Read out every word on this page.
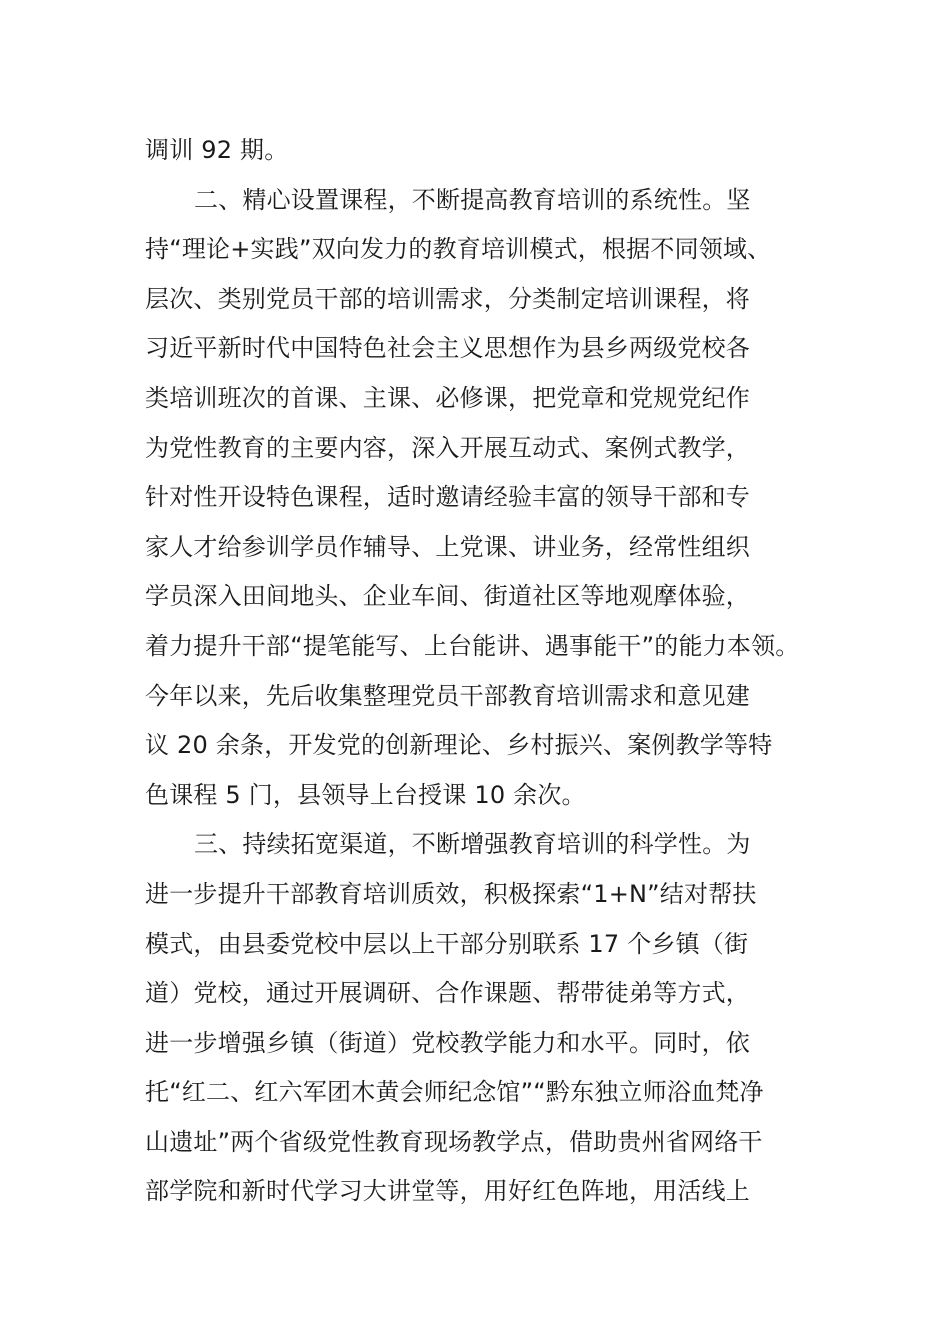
调训 92 期。
二、精心设置课程，不断提高教育培训的系统性。坚
持“理论+实践”双向发力的教育培训模式，根据不同领域、
层次、类别党员干部的培训需求，分类制定培训课程，将
习近平新时代中国特色社会主义思想作为县乡两级党校各
类培训班次的首课、主课、必修课，把党章和党规党纪作
为党性教育的主要内容，深入开展互动式、案例式教学，
针对性开设特色课程，适时邀请经验丰富的领导干部和专
家人才给参训学员作辅导、上党课、讲业务，经常性组织
学员深入田间地头、企业车间、街道社区等地观摩体验，
着力提升干部“提笔能写、上台能讲、遇事能干”的能力本领。
今年以来，先后收集整理党员干部教育培训需求和意见建
议 20 余条，开发党的创新理论、乡村振兴、案例教学等特
色课程 5 门，县领导上台授课 10 余次。
三、持续拓宽渠道，不断增强教育培训的科学性。为
进一步提升干部教育培训质效，积极探索“1+N”结对帮扶
模式，由县委党校中层以上干部分别联系 17 个乡镇（街
道）党校，通过开展调研、合作课题、帮带徒弟等方式，
进一步增强乡镇（街道）党校教学能力和水平。同时，依
托“红二、红六军团木黄会师纪念馆”“黔东独立师浴血梵净
山遗址”两个省级党性教育现场教学点，借助贵州省网络干
部学院和新时代学习大讲堂等，用好红色阵地，用活线上
